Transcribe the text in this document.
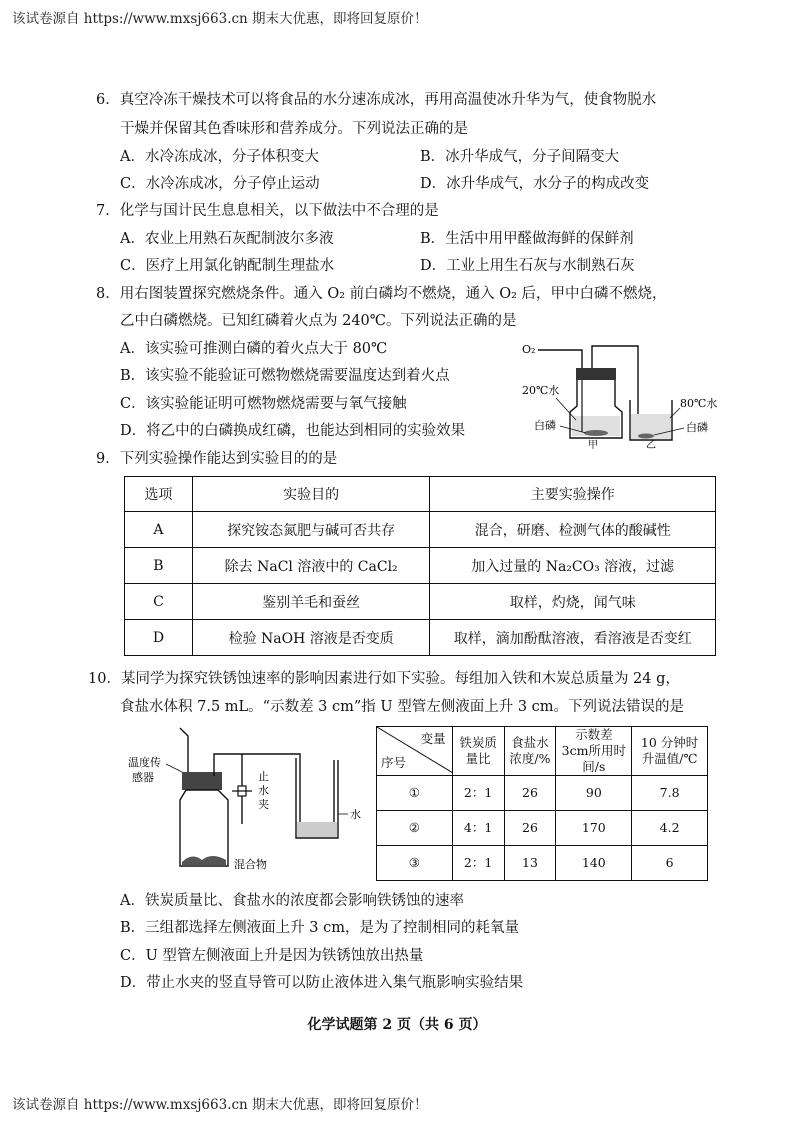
该试卷源自 https://www.mxsj663.cn 期末大优惠，即将回复原价！
6．真空冷冻干燥技术可以将食品的水分速冻成冰，再用高温使冰升华为气，使食物脱水
干燥并保留其色香味形和营养成分。下列说法正确的是
A．水冷冻成冰，分子体积变大	B．冰升华成气，分子间隔变大
C．水冷冻成冰，分子停止运动	D．冰升华成气，水分子的构成改变
7．化学与国计民生息息相关，以下做法中不合理的是
A．农业上用熟石灰配制波尔多液	B．生活中用甲醛做海鲜的保鲜剂
C．医疗上用氯化钠配制生理盐水	D．工业上用生石灰与水制熟石灰
8．用右图装置探究燃烧条件。通入 O₂ 前白磷均不燃烧，通入 O₂ 后，甲中白磷不燃烧，
乙中白磷燃烧。已知红磷着火点为 240℃。下列说法正确的是
A．该实验可推测白磷的着火点大于 80℃
B．该实验不能验证可燃物燃烧需要温度达到着火点
C．该实验能证明可燃物燃烧需要与氧气接触
D．将乙中的白磷换成红磷，也能达到相同的实验效果
O₂
20℃水
白磷
甲	乙
80℃水
白磷
9．下列实验操作能达到实验目的的是
选项	实验目的	主要实验操作
A	探究铵态氮肥与碱可否共存	混合，研磨、检测气体的酸碱性
B	除去 NaCl 溶液中的 CaCl₂	加入过量的 Na₂CO₃ 溶液，过滤
C	鉴别羊毛和蚕丝	取样，灼烧，闻气味
D	检验 NaOH 溶液是否变质	取样，滴加酚酞溶液，看溶液是否变红
10．某同学为探究铁锈蚀速率的影响因素进行如下实验。每组加入铁和木炭总质量为 24 g，
食盐水体积 7.5 mL。“示数差 3 cm”指 U 型管左侧液面上升 3 cm。下列说法错误的是
温度传
感器	止
水
夹
水
混合物
变量
序号	铁炭质量比	食盐水浓度/%	示数差 3cm所用时间/s	10 分钟时升温值/℃
①	2：1	26	90	7.8
②	4：1	26	170	4.2
③	2：1	13	140	6
A．铁炭质量比、食盐水的浓度都会影响铁锈蚀的速率
B．三组都选择左侧液面上升 3 cm，是为了控制相同的耗氧量
C．U 型管左侧液面上升是因为铁锈蚀放出热量
D．带止水夹的竖直导管可以防止液体进入集气瓶影响实验结果
化学试题第 2 页（共 6 页）
该试卷源自 https://www.mxsj663.cn 期末大优惠，即将回复原价！
